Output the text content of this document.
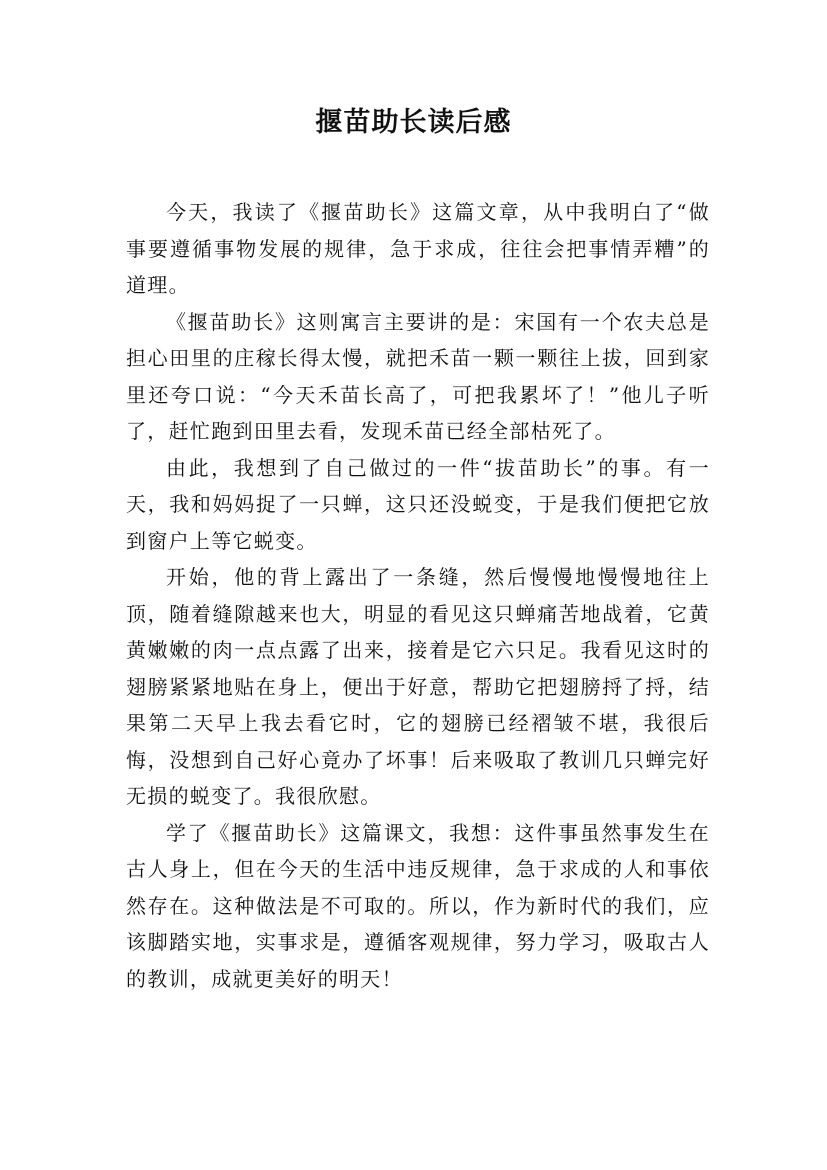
揠苗助长读后感

今天，我读了《揠苗助长》这篇文章，从中我明白了“做事要遵循事物发展的规律，急于求成，往往会把事情弄糟”的道理。

《揠苗助长》这则寓言主要讲的是：宋国有一个农夫总是担心田里的庄稼长得太慢，就把禾苗一颗一颗往上拔，回到家里还夸口说：“今天禾苗长高了，可把我累坏了！”他儿子听了，赶忙跑到田里去看，发现禾苗已经全部枯死了。

由此，我想到了自己做过的一件“拔苗助长”的事。有一天，我和妈妈捉了一只蝉，这只还没蜕变，于是我们便把它放到窗户上等它蜕变。

开始，他的背上露出了一条缝，然后慢慢地慢慢地往上顶，随着缝隙越来也大，明显的看见这只蝉痛苦地战着，它黄黄嫩嫩的肉一点点露了出来，接着是它六只足。我看见这时的翅膀紧紧地贴在身上，便出于好意，帮助它把翅膀捋了捋，结果第二天早上我去看它时，它的翅膀已经褶皱不堪，我很后悔，没想到自己好心竟办了坏事！后来吸取了教训几只蝉完好无损的蜕变了。我很欣慰。

学了《揠苗助长》这篇课文，我想：这件事虽然事发生在古人身上，但在今天的生活中违反规律，急于求成的人和事依然存在。这种做法是不可取的。所以，作为新时代的我们，应该脚踏实地，实事求是，遵循客观规律，努力学习，吸取古人的教训，成就更美好的明天！
